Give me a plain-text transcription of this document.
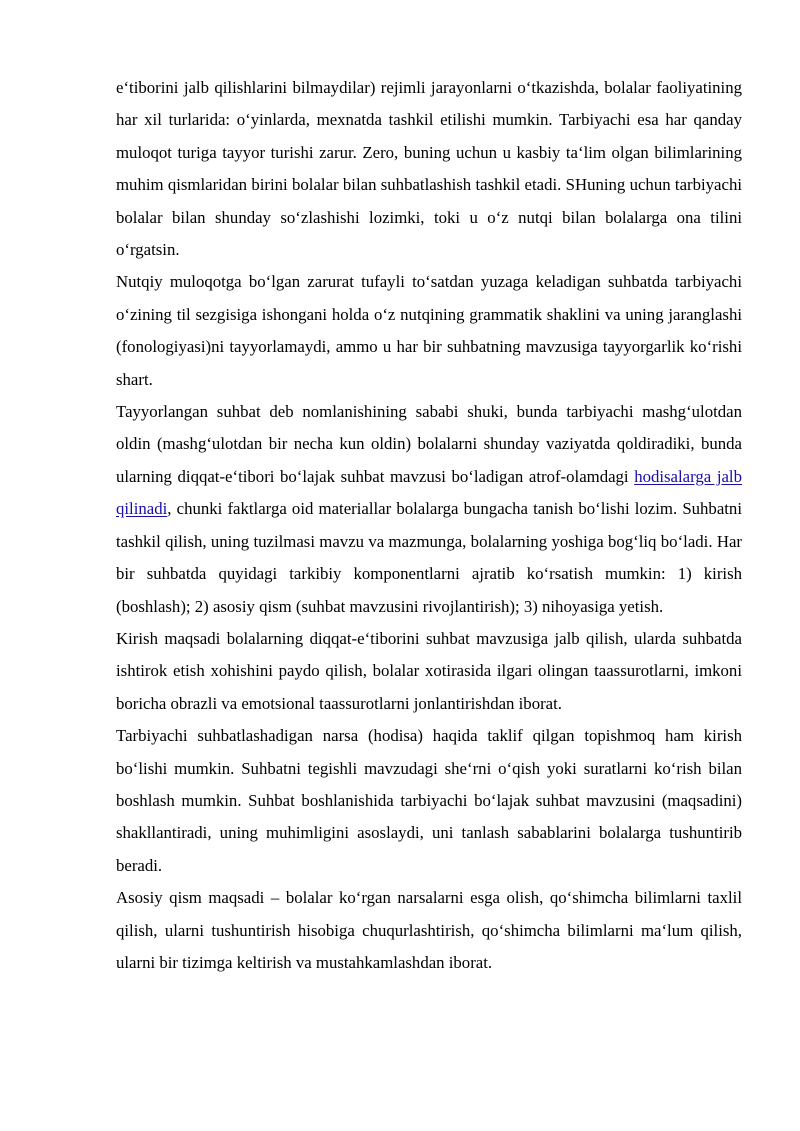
e‘tiborini jalb qilishlarini bilmaydilar) rejimli jarayonlarni o‘tkazishda, bolalar faoliyatining har xil turlarida: o‘yinlarda, mexnatda tashkil etilishi mumkin. Tarbiyachi esa har qanday muloqot turiga tayyor turishi zarur. Zero, buning uchun u kasbiy ta‘lim olgan bilimlarining muhim qismlaridan birini bolalar bilan suhbatlashish tashkil etadi. SHuning uchun tarbiyachi bolalar bilan shunday so‘zlashishi lozimki, toki u o‘z nutqi bilan bolalarga ona tilini o‘rgatsin.

Nutqiy muloqotga bo‘lgan zarurat tufayli to‘satdan yuzaga keladigan suhbatda tarbiyachi o‘zining til sezgisiga ishongani holda o‘z nutqining grammatik shaklini va uning jaranglashi (fonologiyasi)ni tayyorlamaydi, ammo u har bir suhbatning mavzusiga tayyorgarlik ko‘rishi shart.

Tayyorlangan suhbat deb nomlanishining sababi shuki, bunda tarbiyachi mashg‘ulotdan oldin (mashg‘ulotdan bir necha kun oldin) bolalarni shunday vaziyatda qoldiradiki, bunda ularning diqqat-e‘tibori bo‘lajak suhbat mavzusi bo‘ladigan atrof-olamdagi hodisalarga jalb qilinadi, chunki faktlarga oid materiallar bolalarga bungacha tanish bo‘lishi lozim. Suhbatni tashkil qilish, uning tuzilmasi mavzu va mazmunga, bolalarning yoshiga bog‘liq bo‘ladi. Har bir suhbatda quyidagi tarkibiy komponentlarni ajratib ko‘rsatish mumkin: 1) kirish (boshlash); 2) asosiy qism (suhbat mavzusini rivojlantirish); 3) nihoyasiga yetish.

Kirish maqsadi bolalarning diqqat-e‘tiborini suhbat mavzusiga jalb qilish, ularda suhbatda ishtirok etish xohishini paydo qilish, bolalar xotirasida ilgari olingan taassurotlarni, imkoni boricha obrazli va emotsional taassurotlarni jonlantirishdan iborat.

Tarbiyachi suhbatlashadigan narsa (hodisa) haqida taklif qilgan topishmoq ham kirish bo‘lishi mumkin. Suhbatni tegishli mavzudagi she‘rni o‘qish yoki suratlarni ko‘rish bilan boshlash mumkin. Suhbat boshlanishida tarbiyachi bo‘lajak suhbat mavzusini (maqsadini) shakllantiradi, uning muhimligini asoslaydi, uni tanlash sabablarini bolalarga tushuntirib beradi.

Asosiy qism maqsadi – bolalar ko‘rgan narsalarni esga olish, qo‘shimcha bilimlarni taxlil qilish, ularni tushuntirish hisobiga chuqurlashtirish, qo‘shimcha bilimlarni ma‘lum qilish, ularni bir tizimga keltirish va mustahkamlashdan iborat.
